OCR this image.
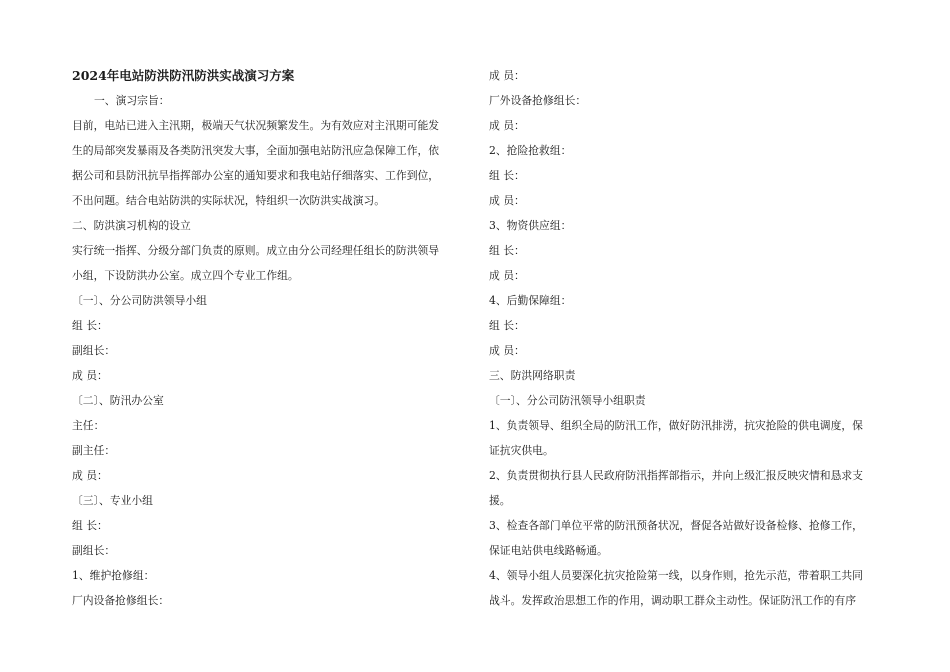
2024年电站防洪防汛防洪实战演习方案
一、演习宗旨：
目前，电站已进入主汛期，极端天气状况频繁发生。为有效应对主汛期可能发
生的局部突发暴雨及各类防汛突发大事，全面加强电站防汛应急保障工作，依
据公司和县防汛抗旱指挥部办公室的通知要求和我电站仔细落实、工作到位，
不出问题。结合电站防洪的实际状况，特组织一次防洪实战演习。
二、防洪演习机构的设立
实行统一指挥、分级分部门负责的原则。成立由分公司经理任组长的防洪领导
小组，下设防洪办公室。成立四个专业工作组。
〔一〕、分公司防洪领导小组
组 长：
副组长：
成 员：
〔二〕、防汛办公室
主任：
副主任：
成 员：
〔三〕、专业小组
组 长：
副组长：
1、维护抢修组：
厂内设备抢修组长：
成 员：
厂外设备抢修组长：
成 员：
2、抢险抢救组：
组 长：
成 员：
3、物资供应组：
组 长：
成 员：
4、后勤保障组：
组 长：
成 员：
三、防洪网络职责
〔一〕、分公司防汛领导小组职责
1、负责领导、组织全局的防汛工作，做好防汛排涝，抗灾抢险的供电调度，保
证抗灾供电。
2、负责贯彻执行县人民政府防汛指挥部指示，并向上级汇报反映灾情和恳求支
援。
3、检查各部门单位平常的防汛预备状况，督促各站做好设备检修、抢修工作，
保证电站供电线路畅通。
4、领导小组人员要深化抗灾抢险第一线，以身作则，抢先示范，带着职工共同
战斗。发挥政治思想工作的作用，调动职工群众主动性。保证防汛工作的有序
